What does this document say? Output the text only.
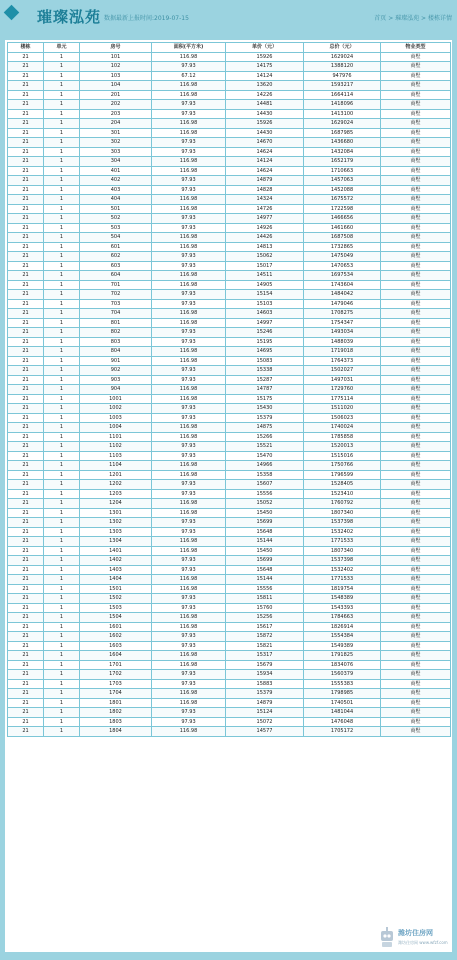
璀璨泓苑 数据最新上报时间:2019-07-15	首页 > 璀璨泓苑 > 楼栋详情
楼栋	单元	房号	面积(平方米)	单价（元）	总价（元）	物业类型
21	1	101	116.98	15926	1629024	商墅
21	1	102	97.93	14175	1388120	商墅
21	1	103	67.12	14124	947976	商墅
21	1	104	116.98	13620	1593217	商墅
21	1	201	116.98	14226	1664114	商墅
21	1	202	97.93	14481	1418096	商墅
21	1	203	97.93	14430	1413100	商墅
21	1	204	116.98	15926	1629024	商墅
21	1	301	116.98	14430	1687985	商墅
21	1	302	97.93	14670	1436680	商墅
21	1	303	97.93	14624	1432084	商墅
21	1	304	116.98	14124	1652179	商墅
21	1	401	116.98	14624	1710663	商墅
21	1	402	97.93	14879	1457063	商墅
21	1	403	97.93	14828	1452088	商墅
21	1	404	116.98	14324	1675572	商墅
21	1	501	116.98	14726	1722598	商墅
21	1	502	97.93	14977	1466656	商墅
21	1	503	97.93	14926	1461660	商墅
21	1	504	116.98	14426	1687508	商墅
21	1	601	116.98	14813	1732865	商墅
21	1	602	97.93	15062	1475049	商墅
21	1	603	97.93	15017	1470653	商墅
21	1	604	116.98	14511	1697534	商墅
21	1	701	116.98	14905	1743604	商墅
21	1	702	97.93	15154	1484042	商墅
21	1	703	97.93	15103	1479046	商墅
21	1	704	116.98	14603	1708275	商墅
21	1	801	116.98	14997	1754347	商墅
21	1	802	97.93	15246	1493034	商墅
21	1	803	97.93	15195	1488039	商墅
21	1	804	116.98	14695	1719018	商墅
21	1	901	116.98	15083	1764373	商墅
21	1	902	97.93	15338	1502027	商墅
21	1	903	97.93	15287	1497031	商墅
21	1	904	116.98	14787	1729760	商墅
21	1	1001	116.98	15175	1775114	商墅
21	1	1002	97.93	15430	1511020	商墅
21	1	1003	97.93	15379	1506023	商墅
21	1	1004	116.98	14875	1740024	商墅
21	1	1101	116.98	15266	1785858	商墅
21	1	1102	97.93	15521	1520013	商墅
21	1	1103	97.93	15470	1515016	商墅
21	1	1104	116.98	14966	1750766	商墅
21	1	1201	116.98	15358	1796599	商墅
21	1	1202	97.93	15607	1528405	商墅
21	1	1203	97.93	15556	1523410	商墅
21	1	1204	116.98	15052	1760792	商墅
21	1	1301	116.98	15450	1807340	商墅
21	1	1302	97.93	15699	1537398	商墅
21	1	1303	97.93	15648	1532402	商墅
21	1	1304	116.98	15144	1771533	商墅
21	1	1401	116.98	15450	1807340	商墅
21	1	1402	97.93	15699	1537398	商墅
21	1	1403	97.93	15648	1532402	商墅
21	1	1404	116.98	15144	1771533	商墅
21	1	1501	116.98	15556	1819754	商墅
21	1	1502	97.93	15811	1548389	商墅
21	1	1503	97.93	15760	1543393	商墅
21	1	1504	116.98	15256	1784663	商墅
21	1	1601	116.98	15617	1826914	商墅
21	1	1602	97.93	15872	1554384	商墅
21	1	1603	97.93	15821	1549389	商墅
21	1	1604	116.98	15317	1791825	商墅
21	1	1701	116.98	15679	1834076	商墅
21	1	1702	97.93	15934	1560379	商墅
21	1	1703	97.93	15883	1555383	商墅
21	1	1704	116.98	15379	1798985	商墅
21	1	1801	116.98	14879	1740501	商墅
21	1	1802	97.93	15124	1481044	商墅
21	1	1803	97.93	15072	1476048	商墅
21	1	1804	116.98	14577	1705172	商墅
潍坊住房网
潍坊住房网 www.wfzf.com
